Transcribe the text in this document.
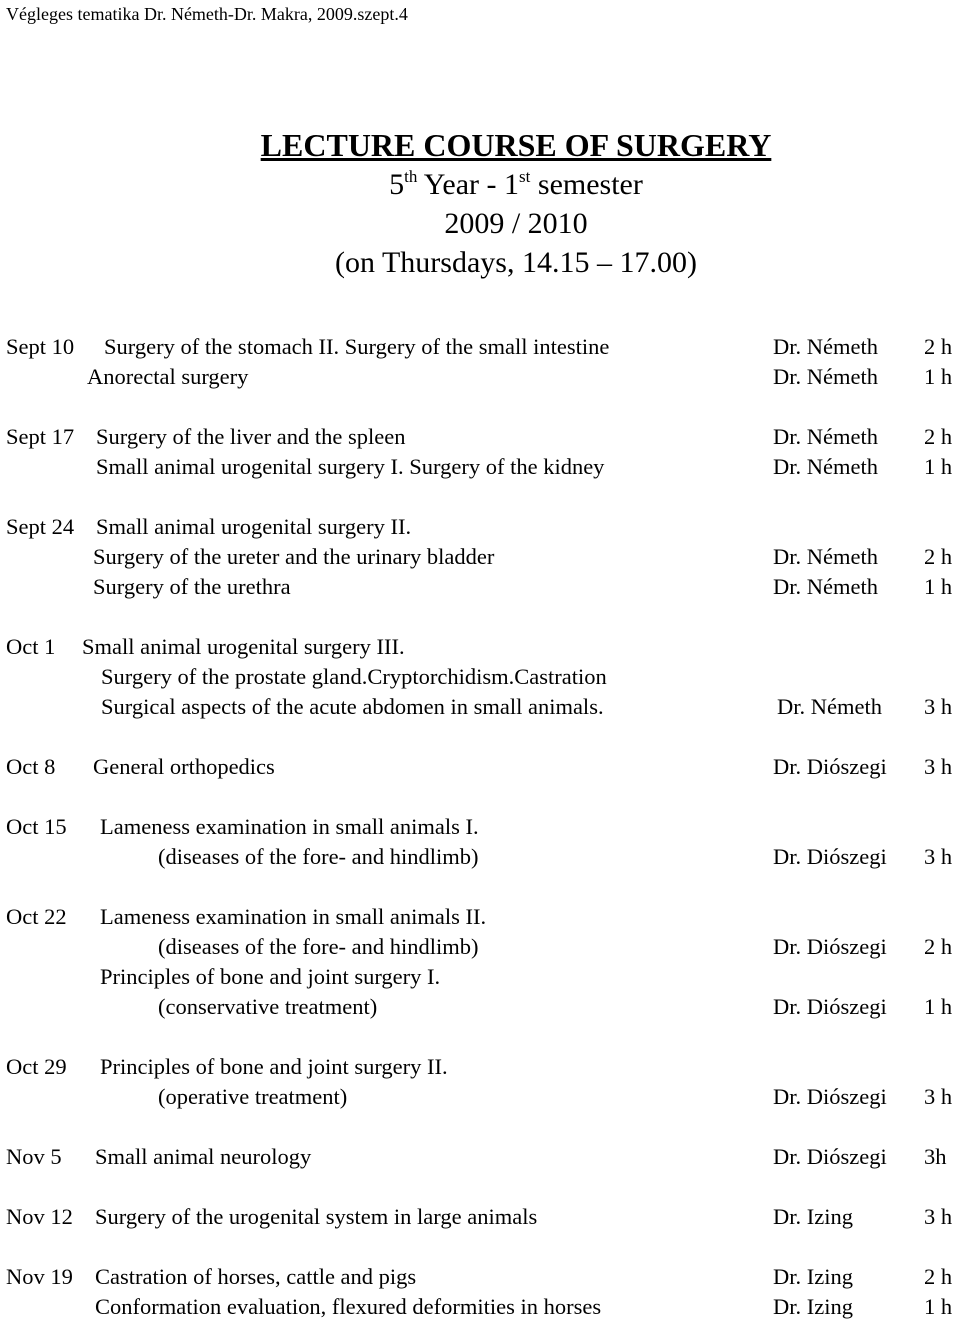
Végleges tematika Dr. Németh-Dr. Makra, 2009.szept.4
LECTURE COURSE OF SURGERY
5th Year - 1st semester
2009 / 2010
(on Thursdays, 14.15 – 17.00)
Sept 10 Surgery of the stomach II. Surgery of the small intestine	Dr. Németh 2 h
Anorectal surgery	Dr. Németh 1 h
Sept 17 Surgery of the liver and the spleen	Dr. Németh 2 h
Small animal urogenital surgery I. Surgery of the kidney	Dr. Németh 1 h
Sept 24 Small animal urogenital surgery II.
Surgery of the ureter and the urinary bladder	Dr. Németh 2 h
Surgery of the urethra	Dr. Németh 1 h
Oct 1 Small animal urogenital surgery III.
Surgery of the prostate gland.Cryptorchidism.Castration
Surgical aspects of the acute abdomen in small animals.	Dr. Németh 3 h
Oct 8 General orthopedics	Dr. Diószegi 3 h
Oct 15 Lameness examination in small animals I.
(diseases of the fore- and hindlimb)	Dr. Diószegi 3 h
Oct 22 Lameness examination in small animals II.
(diseases of the fore- and hindlimb)	Dr. Diószegi 2 h
Principles of bone and joint surgery I.
(conservative treatment)	Dr. Diószegi 1 h
Oct 29 Principles of bone and joint surgery II.
(operative treatment)	Dr. Diószegi 3 h
Nov 5 Small animal neurology	Dr. Diószegi 3h
Nov 12 Surgery of the urogenital system in large animals	Dr. Izing	3 h
Nov 19 Castration of horses, cattle and pigs	Dr. Izing	2 h
Conformation evaluation, flexured deformities in horses	Dr. Izing	1 h
